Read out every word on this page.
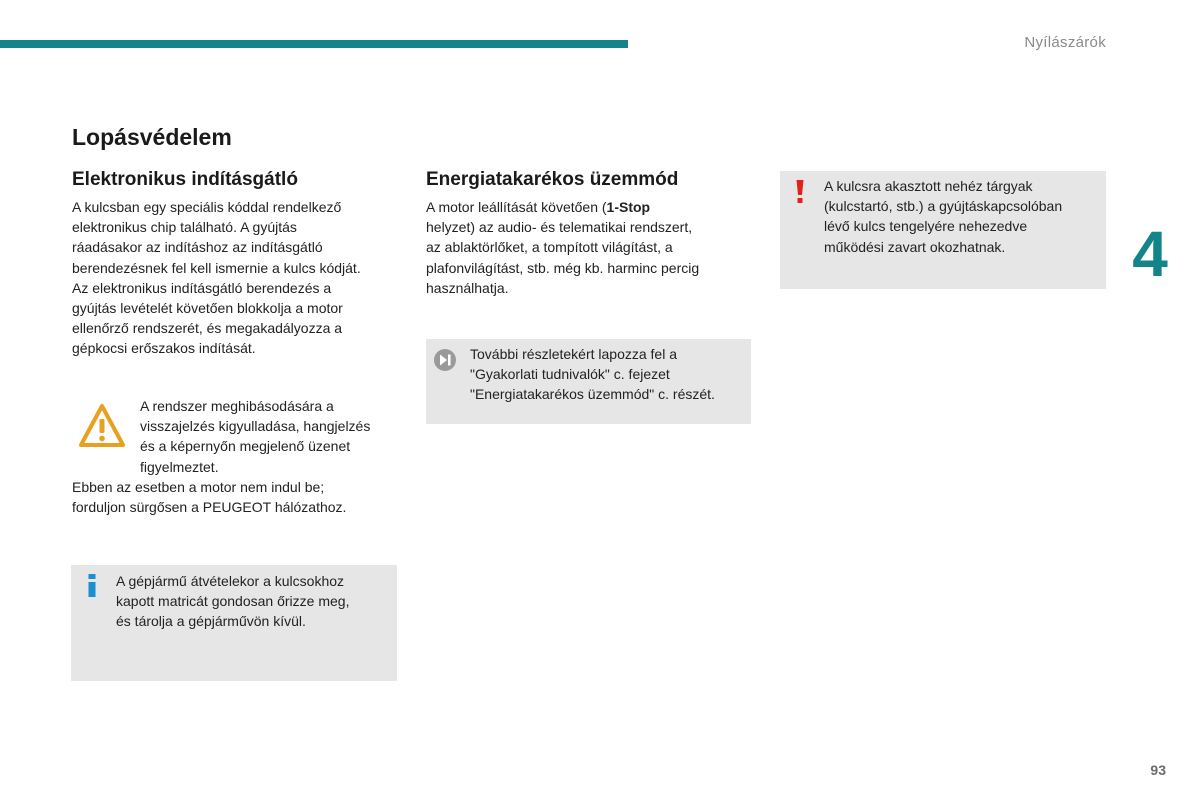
Nyílászárók
4
93
Lopásvédelem
Elektronikus indításgátló

A kulcsban egy speciális kóddal rendelkező
elektronikus chip található. A gyújtás
ráadásakor az indításhoz az indításgátló
berendezésnek fel kell ismernie a kulcs kódját.
Az elektronikus indításgátló berendezés a
gyújtás levételét követően blokkolja a motor
ellenőrző rendszerét, és megakadályozza a
gépkocsi erőszakos indítását.

A rendszer meghibásodására a
visszajelzés kigyulladása, hangjelzés
és a képernyőn megjelenő üzenet
figyelmeztet.

Ebben az esetben a motor nem indul be;
forduljon sürgősen a PEUGEOT hálózathoz.

A gépjármű átvételekor a kulcsokhoz
kapott matricát gondosan őrizze meg,
és tárolja a gépjárművön kívül.

Energiatakarékos üzemmód

A motor leállítását követően (1-Stop
helyzet) az audio- és telematikai rendszert,
az ablaktörlőket, a tompított világítást, a
plafonvilágítást, stb. még kb. harminc percig
használhatja.

További részletekért lapozza fel a
"Gyakorlati tudnivalók" c. fejezet
"Energiatakarékos üzemmód" c. részét.

A kulcsra akasztott nehéz tárgyak
(kulcstartó, stb.) a gyújtáskapcsolóban
lévő kulcs tengelyére nehezedve
működési zavart okozhatnak.
